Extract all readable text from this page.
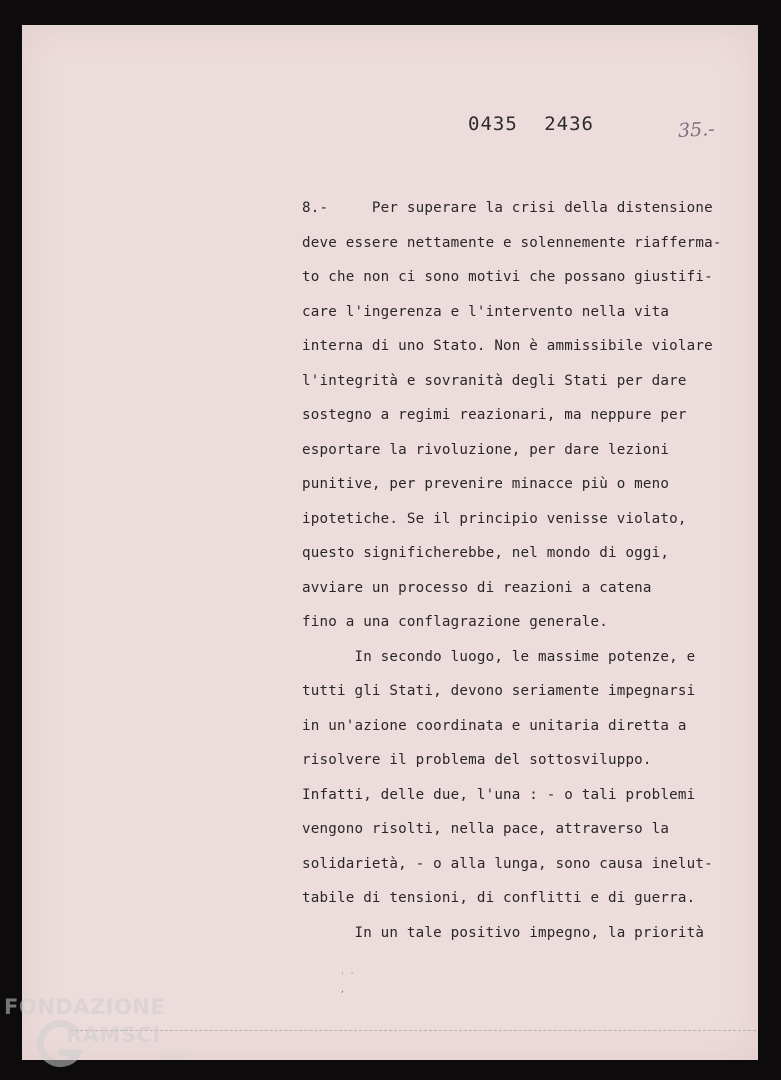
0435 2436	35.-
8.-     Per superare la crisi della distensione
deve essere nettamente e solennemente riafferma-
to che non ci sono motivi che possano giustifi-
care l'ingerenza e l'intervento nella vita
interna di uno Stato. Non è ammissibile violare
l'integrità e sovranità degli Stati per dare
sostegno a regimi reazionari, ma neppure per
esportare la rivoluzione, per dare lezioni
punitive, per prevenire minacce più o meno
ipotetiche. Se il principio venisse violato,
questo significherebbe, nel mondo di oggi,
avviare un processo di reazioni a catena
fino a una conflagrazione generale.
In secondo luogo, le massime potenze, e
tutti gli Stati, devono seriamente impegnarsi
in un'azione coordinata e unitaria diretta a
risolvere il problema del sottosviluppo.
Infatti, delle due, l'una : - o tali problemi
vengono risolti, nella pace, attraverso la
solidarietà, - o alla lunga, sono causa inelut-
tabile di tensioni, di conflitti e di guerra.
In un tale positivo impegno, la priorità
' '
,
FONDAZIONE
RAMSCI
onlus
